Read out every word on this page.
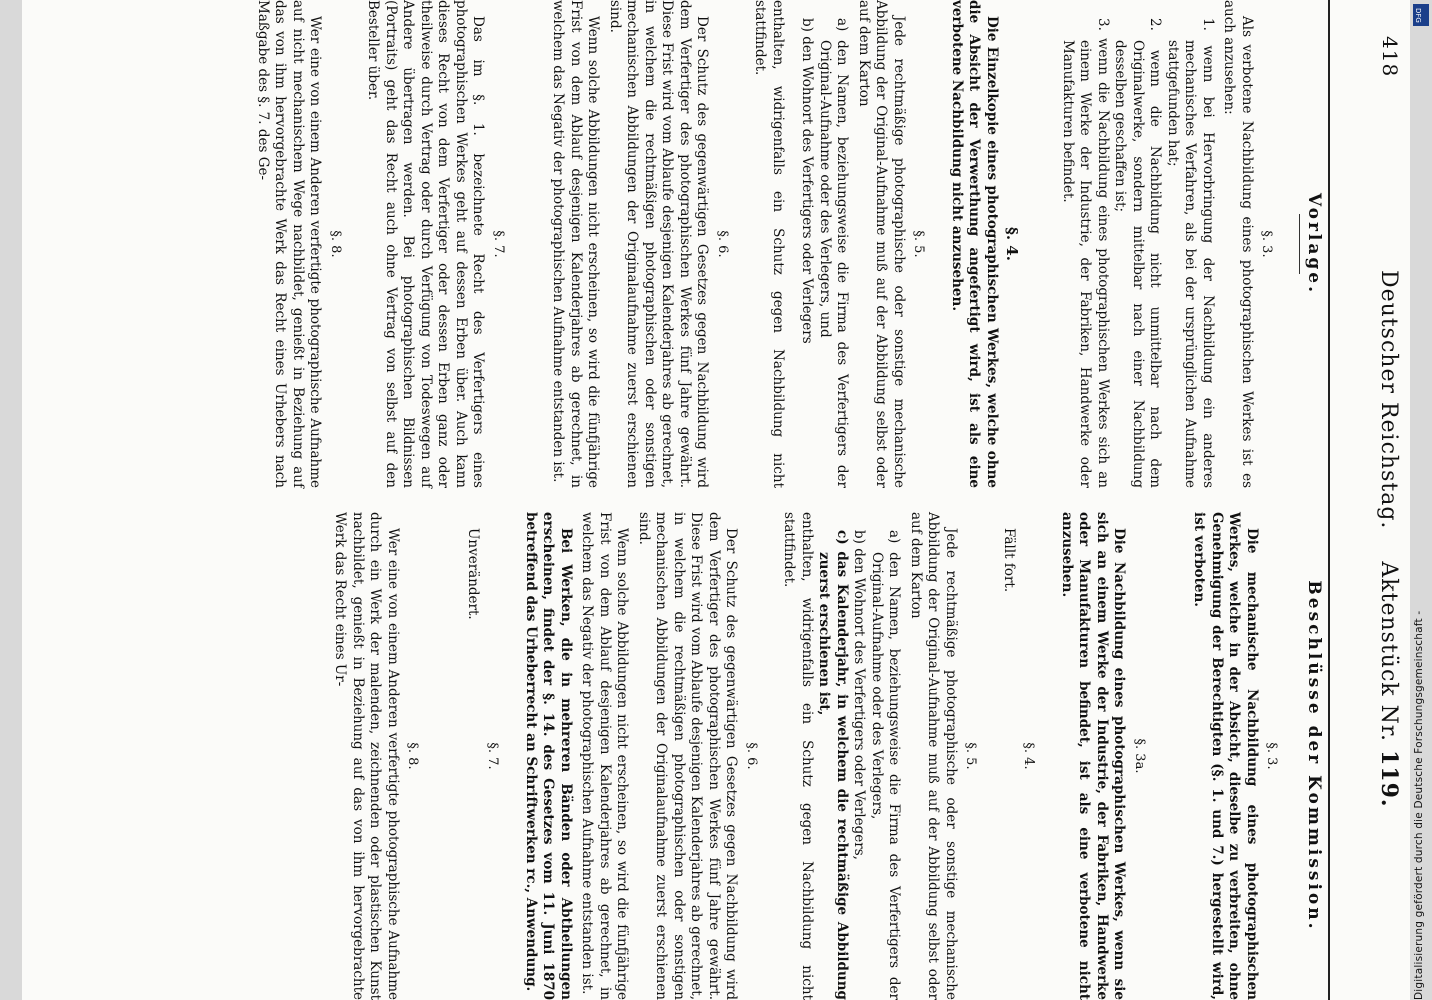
418
Deutscher Reichstag.    Aktenstück Nr. 119.
Vorlage.
§. 3.

Als verbotene Nachbildung eines photographischen Werkes ist es auch anzusehen:

1. wenn bei Hervorbringung der Nachbildung ein anderes mechanisches Verfahren, als bei der ursprünglichen Aufnahme stattgefunden hat;

2. wenn die Nachbildung nicht unmittelbar nach dem Originalwerke, sondern mittelbar nach einer Nachbildung desselben geschaffen ist;

3. wenn die Nachbildung eines photographischen Werkes sich an einem Werke der Industrie, der Fabriken, Handwerke oder Manufakturen befindet.

§. 4.

Die Einzelkopie eines photographischen Werkes, welche ohne die Absicht der Verwerthung angefertigt wird, ist als eine verbotene Nachbildung nicht anzusehen.

§. 5.

Jede rechtmäßige photographische oder sonstige mechanische Abbildung der Original-Aufnahme muß auf der Abbildung selbst oder auf dem Karton

a) den Namen, beziehungsweise die Firma des Verfertigers der Original-Aufnahme oder des Verlegers, und

b) den Wohnort des Verfertigers oder Verlegers

enthalten, widrigenfalls ein Schutz gegen Nachbildung nicht stattfindet.

§. 6.

Der Schutz des gegenwärtigen Gesetzes gegen Nachbildung wird dem Verfertiger des photographischen Werkes fünf Jahre gewährt. Diese Frist wird vom Ablaufe desjenigen Kalenderjahres ab gerechnet, in welchem die rechtmäßigen photographischen oder sonstigen mechanischen Abbildungen der Originalaufnahme zuerst erschienen sind.

Wenn solche Abbildungen nicht erscheinen, so wird die fünfjährige Frist von dem Ablauf desjenigen Kalenderjahres ab gerechnet, in welchem das Negativ der photographischen Aufnahme entstanden ist.

§. 7.

Das im §. 1. bezeichnete Recht des Verfertigers eines photographischen Werkes geht auf dessen Erben über. Auch kann dieses Recht von dem Verfertiger oder dessen Erben ganz oder theilweise durch Vertrag oder durch Verfügung von Todeswegen auf Andere übertragen werden. Bei photographischen Bildnissen (Portraits) geht das Recht auch ohne Vertrag von selbst auf den Besteller über.

§. 8.

Wer eine von einem Anderen verfertigte photographische Aufnahme auf nicht mechanischem Wege nachbildet, genießt in Beziehung auf das von ihm hervorgebrachte Werk das Recht eines Urhebers nach Maßgabe des §. 7. des Ge-

Beschlüsse der Kommission.
§. 3.

Die mechanische Nachbildung eines photographischen Werkes, welche in der Absicht, dieselbe zu verbreiten, ohne Genehmigung der Berechtigten (§. 1. und 7.) hergestellt wird, ist verboten.

§. 3a.

Die Nachbildung eines photographischen Werkes, wenn sie sich an einem Werke der Industrie, der Fabriken, Handwerke oder Manufakturen befindet, ist als eine verbotene nicht anzusehen.

§. 4.

Fällt fort.

§. 5.

Jede rechtmäßige photographische oder sonstige mechanische Abbildung der Original-Aufnahme muß auf der Abbildung selbst oder auf dem Karton

a) den Namen, beziehungsweise die Firma des Verfertigers der Original-Aufnahme oder des Verlegers,

b) den Wohnort des Verfertigers oder Verlegers,

c) das Kalenderjahr, in welchem die rechtmäßige Abbildung zuerst erschienen ist,

enthalten, widrigenfalls ein Schutz gegen Nachbildung nicht stattfindet.

§. 6.

Der Schutz des gegenwärtigen Gesetzes gegen Nachbildung wird dem Verfertiger des photographischen Werkes fünf Jahre gewährt. Diese Frist wird vom Ablaufe desjenigen Kalenderjahres ab gerechnet, in welchem die rechtmäßigen photographischen oder sonstigen mechanischen Abbildungen der Originalaufnahme zuerst erschienen sind.

Wenn solche Abbildungen nicht erscheinen, so wird die fünfjährige Frist von dem Ablauf desjenigen Kalenderjahres ab gerechnet, in welchem das Negativ der photographischen Aufnahme entstanden ist.

Bei Werken, die in mehreren Bänden oder Abtheilungen erscheinen, findet der §. 14. des Gesetzes vom 11. Juni 1870 betreffend das Urheberrecht an Schriftwerken rc., Anwendung.

§. 7.

Unverändert.

§. 8.

Wer eine von einem Anderen verfertigte photographische Aufnahme durch ein Werk der malenden, zeichnenden oder plastischen Kunst nachbildet, genießt in Beziehung auf das von ihm hervorgebrachte Werk das Recht eines Ur-

DFG
Digitalisierung gefördert durch die Deutsche Forschungsgemeinschaft -
